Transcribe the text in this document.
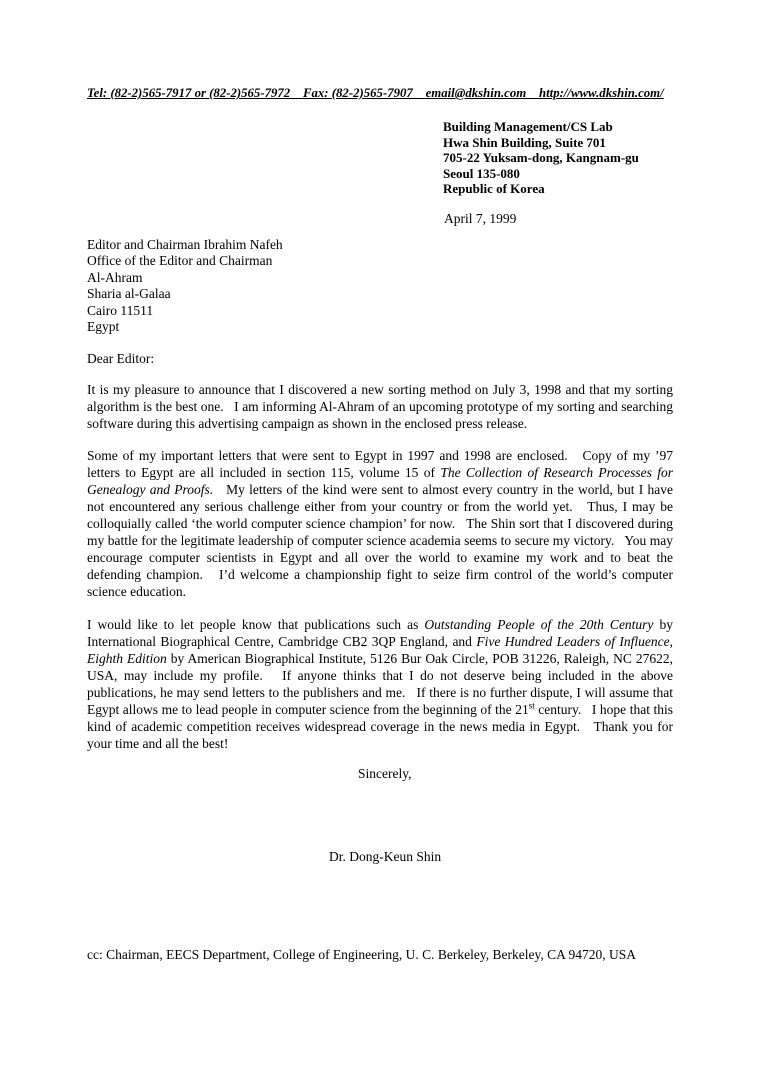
Tel: (82-2)565-7917 or (82-2)565-7972    Fax: (82-2)565-7907    email@dkshin.com    http://www.dkshin.com/
Building Management/CS Lab
Hwa Shin Building, Suite 701
705-22 Yuksam-dong, Kangnam-gu
Seoul 135-080
Republic of Korea
April 7, 1999
Editor and Chairman Ibrahim Nafeh
Office of the Editor and Chairman
Al-Ahram
Sharia al-Galaa
Cairo 11511
Egypt
Dear Editor:

It is my pleasure to announce that I discovered a new sorting method on July 3, 1998 and that my sorting algorithm is the best one.   I am informing Al-Ahram of an upcoming prototype of my sorting and searching software during this advertising campaign as shown in the enclosed press release.

Some of my important letters that were sent to Egypt in 1997 and 1998 are enclosed.   Copy of my ’97 letters to Egypt are all included in section 115, volume 15 of The Collection of Research Processes for Genealogy and Proofs.   My letters of the kind were sent to almost every country in the world, but I have not encountered any serious challenge either from your country or from the world yet.   Thus, I may be colloquially called ‘the world computer science champion’ for now.   The Shin sort that I discovered during my battle for the legitimate leadership of computer science academia seems to secure my victory.   You may encourage computer scientists in Egypt and all over the world to examine my work and to beat the defending champion.   I’d welcome a championship fight to seize firm control of the world’s computer science education.

I would like to let people know that publications such as Outstanding People of the 20th Century by International Biographical Centre, Cambridge CB2 3QP England, and Five Hundred Leaders of Influence, Eighth Edition by American Biographical Institute, 5126 Bur Oak Circle, POB 31226, Raleigh, NC 27622, USA, may include my profile.   If anyone thinks that I do not deserve being included in the above publications, he may send letters to the publishers and me.   If there is no further dispute, I will assume that Egypt allows me to lead people in computer science from the beginning of the 21st century.   I hope that this kind of academic competition receives widespread coverage in the news media in Egypt.   Thank you for your time and all the best!

Sincerely,
Dr. Dong-Keun Shin
cc: Chairman, EECS Department, College of Engineering, U. C. Berkeley, Berkeley, CA 94720, USA
